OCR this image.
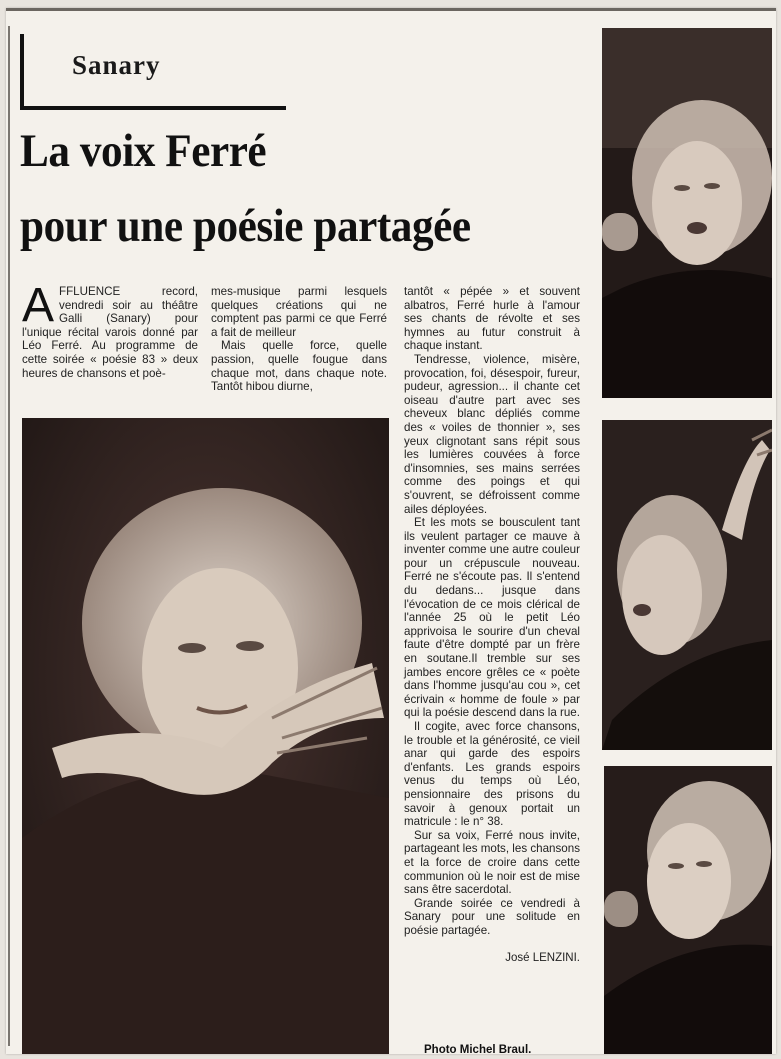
Sanary
La voix Ferré
pour une poésie partagée

AFFLUENCE record, vendredi soir au théâtre Galli (Sanary) pour l'unique récital varois donné par Léo Ferré. Au programme de cette soirée « poésie 83 » deux heures de chansons et poè-

mes-musique parmi lesquels quelques créations qui ne comptent pas parmi ce que Ferré a fait de meilleur

Mais quelle force, quelle passion, quelle fougue dans chaque mot, dans chaque note. Tantôt hibou diurne,

tantôt « pépée » et souvent albatros, Ferré hurle à l'amour ses chants de révolte et ses hymnes au futur construit à chaque instant.

Tendresse, violence, misère, provocation, foi, désespoir, fureur, pudeur, agression... il chante cet oiseau d'autre part avec ses cheveux blanc dépliés comme des « voiles de thonnier », ses yeux clignotant sans répit sous les lumières couvées à force d'insomnies, ses mains serrées comme des poings et qui s'ouvrent, se défroissent comme ailes déployées.

Et les mots se bousculent tant ils veulent partager ce mauve à inventer comme une autre couleur pour un crépuscule nouveau. Ferré ne s'écoute pas. Il s'entend du dedans... jusque dans l'évocation de ce mois clérical de l'année 25 où le petit Léo apprivoisa le sourire d'un cheval faute d'être dompté par un frère en soutane.Il tremble sur ses jambes encore grêles ce « poète dans l'homme jusqu'au cou », cet écrivain « homme de foule » par qui la poésie descend dans la rue.

Il cogite, avec force chansons, le trouble et la générosité, ce vieil anar qui garde des espoirs d'enfants. Les grands espoirs venus du temps où Léo, pensionnaire des prisons du savoir à genoux portait un matricule : le n° 38.

Sur sa voix, Ferré nous invite, partageant les mots, les chansons et la force de croire dans cette communion où le noir est de mise sans être sacerdotal.

Grande soirée ce vendredi à Sanary pour une solitude en poésie partagée.

José LENZINI.
Photo Michel Braul.
